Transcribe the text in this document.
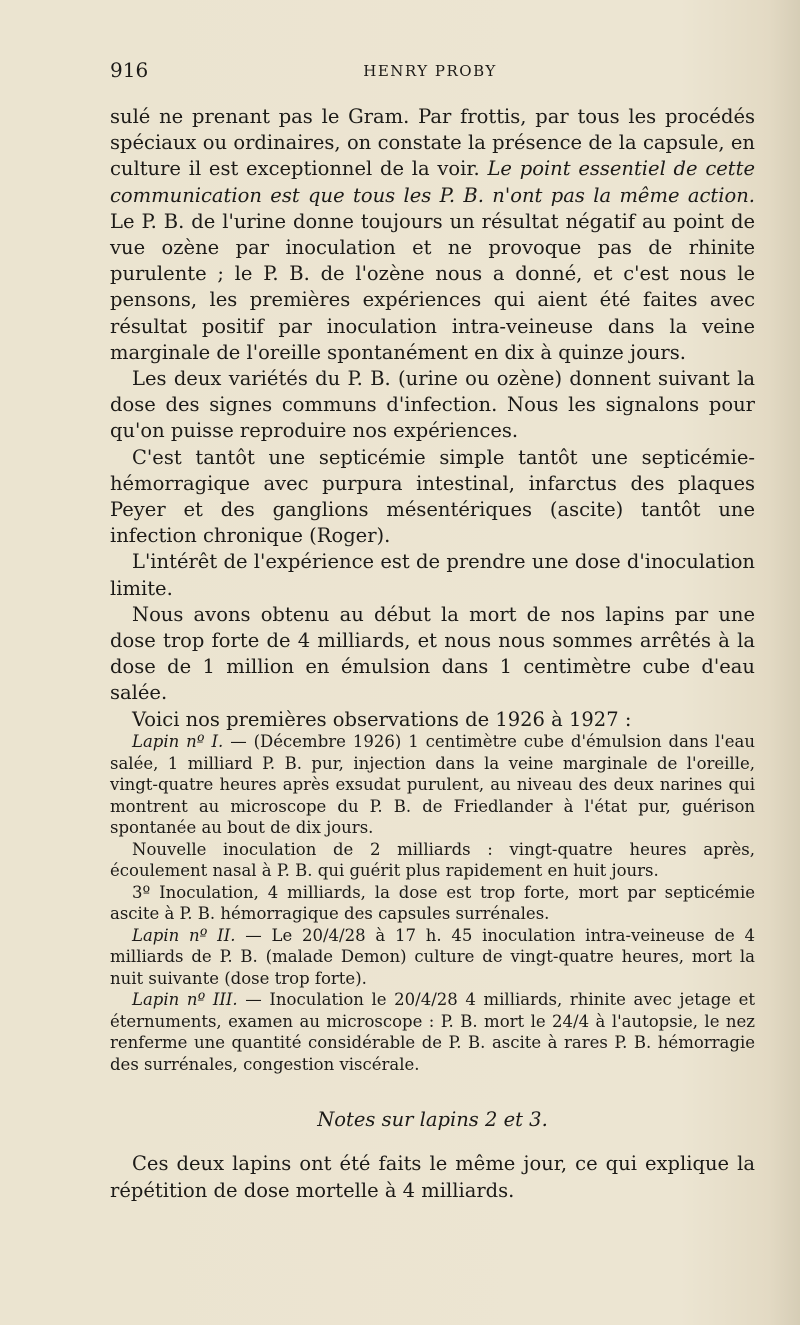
916	HENRY PROBY

sulé ne prenant pas le Gram. Par frottis, par tous les procédés spéciaux ou ordinaires, on constate la présence de la capsule, en culture il est exceptionnel de la voir. Le point essentiel de cette communication est que tous les P. B. n'ont pas la même action. Le P. B. de l'urine donne toujours un résultat négatif au point de vue ozène par inoculation et ne provoque pas de rhinite purulente ; le P. B. de l'ozène nous a donné, et c'est nous le pensons, les premières expériences qui aient été faites avec résultat positif par inoculation intra-veineuse dans la veine marginale de l'oreille spontanément en dix à quinze jours.

Les deux variétés du P. B. (urine ou ozène) donnent suivant la dose des signes communs d'infection. Nous les signalons pour qu'on puisse reproduire nos expériences.

C'est tantôt une septicémie simple tantôt une septicémie-hémorragique avec purpura intestinal, infarctus des plaques Peyer et des ganglions mésentériques (ascite) tantôt une infection chronique (Roger).

L'intérêt de l'expérience est de prendre une dose d'inoculation limite.

Nous avons obtenu au début la mort de nos lapins par une dose trop forte de 4 milliards, et nous nous sommes arrêtés à la dose de 1 million en émulsion dans 1 centimètre cube d'eau salée.

Voici nos premières observations de 1926 à 1927 :

Lapin nº I. — (Décembre 1926) 1 centimètre cube d'émulsion dans l'eau salée, 1 milliard P. B. pur, injection dans la veine marginale de l'oreille, vingt-quatre heures après exsudat purulent, au niveau des deux narines qui montrent au microscope du P. B. de Friedlander à l'état pur, guérison spontanée au bout de dix jours.

Nouvelle inoculation de 2 milliards : vingt-quatre heures après, écoulement nasal à P. B. qui guérit plus rapidement en huit jours.

3º Inoculation, 4 milliards, la dose est trop forte, mort par septicémie ascite à P. B. hémorragique des capsules surrénales.

Lapin nº II. — Le 20/4/28 à 17 h. 45 inoculation intra-veineuse de 4 milliards de P. B. (malade Demon) culture de vingt-quatre heures, mort la nuit suivante (dose trop forte).

Lapin nº III. — Inoculation le 20/4/28 4 milliards, rhinite avec jetage et éternuments, examen au microscope : P. B. mort le 24/4 à l'autopsie, le nez renferme une quantité considérable de P. B. ascite à rares P. B. hémorragie des surrénales, congestion viscérale.

Notes sur lapins 2 et 3.

Ces deux lapins ont été faits le même jour, ce qui explique la répétition de dose mortelle à 4 milliards.
